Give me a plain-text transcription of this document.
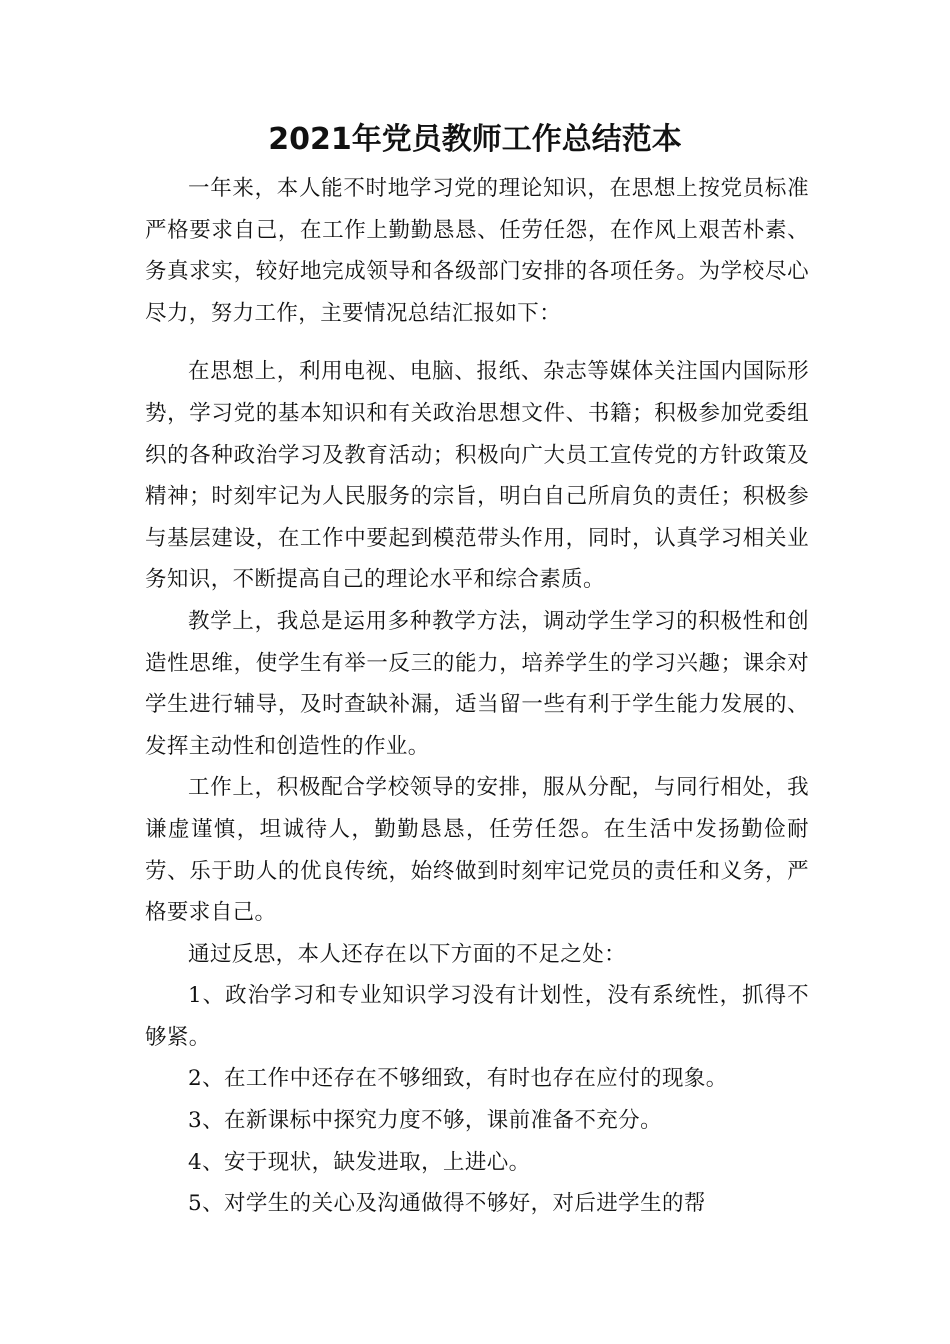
2021年党员教师工作总结范本

一年来，本人能不时地学习党的理论知识，在思想上按党员标准严格要求自己，在工作上勤勤恳恳、任劳任怨，在作风上艰苦朴素、务真求实，较好地完成领导和各级部门安排的各项任务。为学校尽心尽力，努力工作，主要情况总结汇报如下：

在思想上，利用电视、电脑、报纸、杂志等媒体关注国内国际形势，学习党的基本知识和有关政治思想文件、书籍；积极参加党委组织的各种政治学习及教育活动；积极向广大员工宣传党的方针政策及精神；时刻牢记为人民服务的宗旨，明白自己所肩负的责任；积极参与基层建设，在工作中要起到模范带头作用，同时，认真学习相关业务知识，不断提高自己的理论水平和综合素质。

教学上，我总是运用多种教学方法，调动学生学习的积极性和创造性思维，使学生有举一反三的能力，培养学生的学习兴趣；课余对学生进行辅导，及时查缺补漏，适当留一些有利于学生能力发展的、发挥主动性和创造性的作业。

工作上，积极配合学校领导的安排，服从分配，与同行相处，我谦虚谨慎，坦诚待人，勤勤恳恳，任劳任怨。在生活中发扬勤俭耐劳、乐于助人的优良传统，始终做到时刻牢记党员的责任和义务，严格要求自己。

通过反思，本人还存在以下方面的不足之处：

1、政治学习和专业知识学习没有计划性，没有系统性，抓得不够紧。

2、在工作中还存在不够细致，有时也存在应付的现象。

3、在新课标中探究力度不够，课前准备不充分。

4、安于现状，缺发进取，上进心。

5、对学生的关心及沟通做得不够好，对后进学生的帮
